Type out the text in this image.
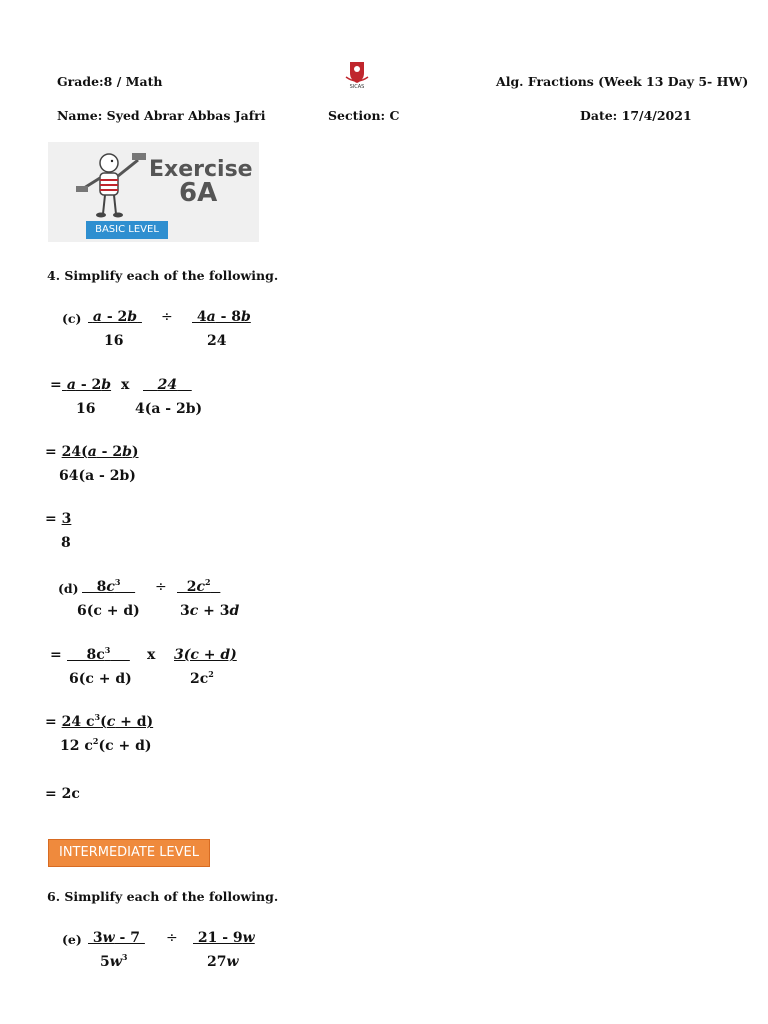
Grade:8 / Math	SICAS	Alg. Fractions (Week 13 Day 5- HW)
Name: Syed Abrar Abbas Jafri	Section: C	Date: 17/4/2021
Exercise
6A
BASIC LEVEL
4. Simplify each of the following.
(c) a - 2b
16
÷ 4a - 8b
24
= a - 2b
16
x	24
4(a - 2b)
= 24(a - 2b)
64(a - 2b)
= 3
8
(d) $8c^3$
6(c + d)
÷ $2c^2$
3c + 3d
= $8c^3$
6(c + d)
x 3(c + d)
$2c^2$
= 24 $c^3(c + d)$
12 $c^2(c + d)$
= 2c
INTERMEDIATE LEVEL
6. Simplify each of the following.
(e) 3w - 7
$5w^3$
÷ 21 - 9w
27w
